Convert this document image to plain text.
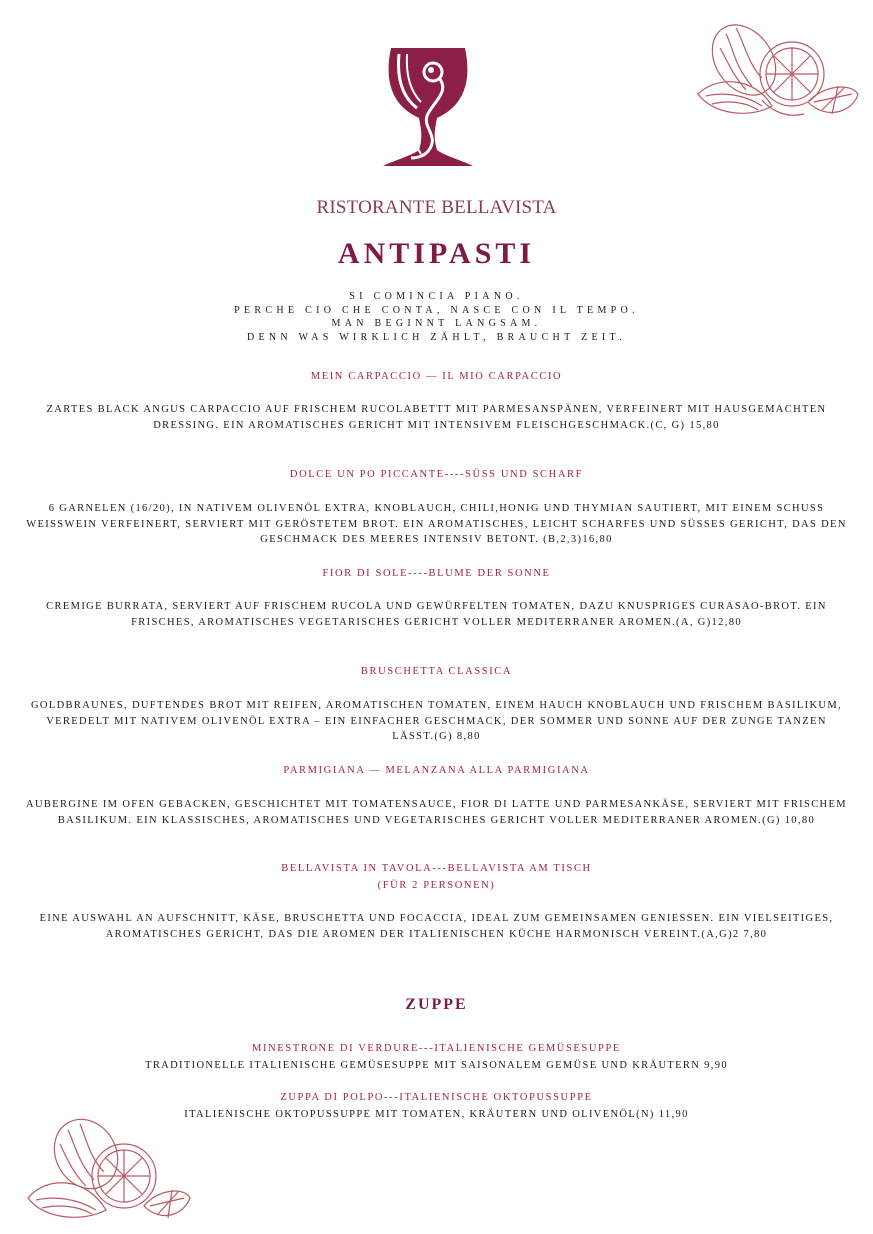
RISTORANTE BELLAVISTA
ANTIPASTI
SI COMINCIA PIANO.
PERCHE CIO CHE CONTA, NASCE CON IL TEMPO.
MAN BEGINNT LANGSAM.
DENN WAS WIRKLICH ZÄHLT, BRAUCHT ZEIT.
MEIN CARPACCIO — IL MIO CARPACCIO
ZARTES BLACK ANGUS CARPACCIO AUF FRISCHEM RUCOLABETTT MIT PARMESANSPÄNEN, VERFEINERT MIT HAUSGEMACHTEN DRESSING. EIN AROMATISCHES GERICHT MIT INTENSIVEM FLEISCHGESCHMACK.(C, G) 15,80
DOLCE UN PO PICCANTE----SÜSS UND SCHARF
6 GARNELEN (16/20), IN NATIVEM OLIVENÖL EXTRA, KNOBLAUCH, CHILI,HONIG UND THYMIAN SAUTIERT, MIT EINEM SCHUSS WEISSWEIN VERFEINERT, SERVIERT MIT GERÖSTETEM BROT. EIN AROMATISCHES, LEICHT SCHARFES UND SÜSSES GERICHT, DAS DEN GESCHMACK DES MEERES INTENSIV BETONT. (B,2,3)16,80
FIOR DI SOLE----BLUME DER SONNE
CREMIGE BURRATA, SERVIERT AUF FRISCHEM RUCOLA UND GEWÜRFELTEN TOMATEN, DAZU KNUSPRIGES CURASAO-BROT. EIN FRISCHES, AROMATISCHES VEGETARISCHES GERICHT VOLLER MEDITERRANER AROMEN.(A, G)12,80
BRUSCHETTA CLASSICA
GOLDBRAUNES, DUFTENDES BROT MIT REIFEN, AROMATISCHEN TOMATEN, EINEM HAUCH KNOBLAUCH UND FRISCHEM BASILIKUM, VEREDELT MIT NATIVEM OLIVENÖL EXTRA – EIN EINFACHER GESCHMACK, DER SOMMER UND SONNE AUF DER ZUNGE TANZEN LÄSST.(G) 8,80
PARMIGIANA — MELANZANA ALLA PARMIGIANA
AUBERGINE IM OFEN GEBACKEN, GESCHICHTET MIT TOMATENSAUCE, FIOR DI LATTE UND PARMESANKÄSE, SERVIERT MIT FRISCHEM BASILIKUM. EIN KLASSISCHES, AROMATISCHES UND VEGETARISCHES GERICHT VOLLER MEDITERRANER AROMEN.(G) 10,80
BELLAVISTA IN TAVOLA---BELLAVISTA AM TISCH
(FÜR 2 PERSONEN)
EINE AUSWAHL AN AUFSCHNITT, KÄSE, BRUSCHETTA UND FOCACCIA, IDEAL ZUM GEMEINSAMEN GENIESSEN. EIN VIELSEITIGES, AROMATISCHES GERICHT, DAS DIE AROMEN DER ITALIENISCHEN KÜCHE HARMONISCH VEREINT.(A,G)2 7,80
ZUPPE
MINESTRONE DI VERDURE---ITALIENISCHE GEMÜSESUPPE
TRADITIONELLE ITALIENISCHE GEMÜSESUPPE MIT SAISONALEM GEMÜSE UND KRÄUTERN 9,90
ZUPPA DI POLPO---ITALIENISCHE OKTOPUSSUPPE
ITALIENISCHE OKTOPUSSUPPE MIT TOMATEN, KRÄUTERN UND OLIVENÖL(N) 11,90
